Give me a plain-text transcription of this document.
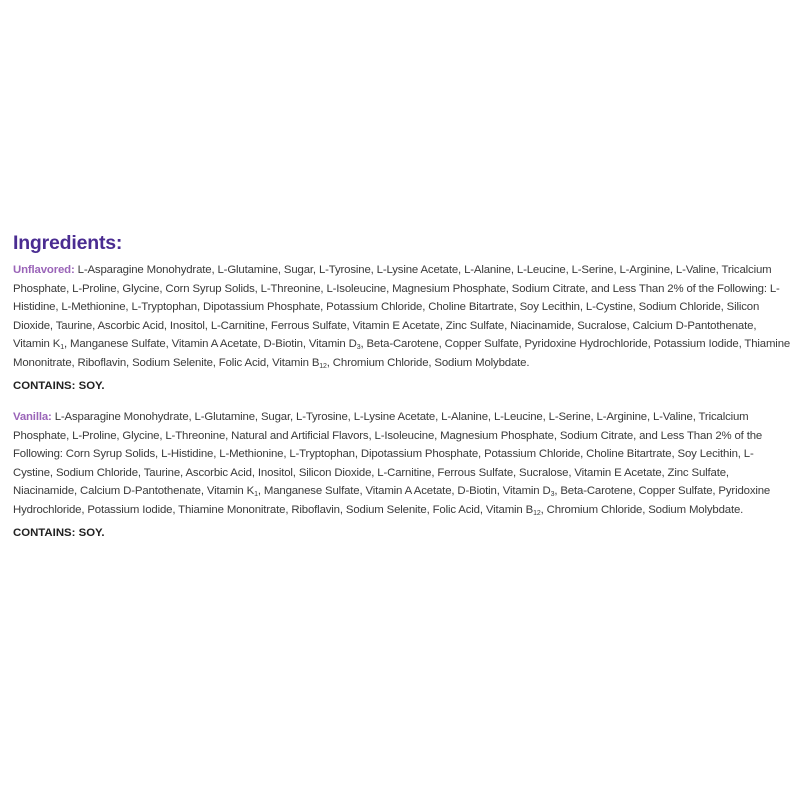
Ingredients:

Unflavored: L-Asparagine Monohydrate, L-Glutamine, Sugar, L-Tyrosine, L-Lysine Acetate, L-Alanine, L-Leucine, L-Serine, L-Arginine, L-Valine, Tricalcium Phosphate, L-Proline, Glycine, Corn Syrup Solids, L-Threonine, L-Isoleucine, Magnesium Phosphate, Sodium Citrate, and Less Than 2% of the Following: L-Histidine, L-Methionine, L-Tryptophan, Dipotassium Phosphate, Potassium Chloride, Choline Bitartrate, Soy Lecithin, L-Cystine, Sodium Chloride, Silicon Dioxide, Taurine, Ascorbic Acid, Inositol, L-Carnitine, Ferrous Sulfate, Vitamin E Acetate, Zinc Sulfate, Niacinamide, Sucralose, Calcium D-Pantothenate, Vitamin $K_1$, Manganese Sulfate, Vitamin A Acetate, D-Biotin, Vitamin $D_3$, Beta-Carotene, Copper Sulfate, Pyridoxine Hydrochloride, Potassium Iodide, Thiamine Mononitrate, Riboflavin, Sodium Selenite, Folic Acid, Vitamin $B_{12}$, Chromium Chloride, Sodium Molybdate.

CONTAINS: SOY.

Vanilla: L-Asparagine Monohydrate, L-Glutamine, Sugar, L-Tyrosine, L-Lysine Acetate, L-Alanine, L-Leucine, L-Serine, L-Arginine, L-Valine, Tricalcium Phosphate, L-Proline, Glycine, L-Threonine, Natural and Artificial Flavors, L-Isoleucine, Magnesium Phosphate, Sodium Citrate, and Less Than 2% of the Following: Corn Syrup Solids, L-Histidine, L-Methionine, L-Tryptophan, Dipotassium Phosphate, Potassium Chloride, Choline Bitartrate, Soy Lecithin, L-Cystine, Sodium Chloride, Taurine, Ascorbic Acid, Inositol, Silicon Dioxide, L-Carnitine, Ferrous Sulfate, Sucralose, Vitamin E Acetate, Zinc Sulfate, Niacinamide, Calcium D-Pantothenate, Vitamin $K_1$, Manganese Sulfate, Vitamin A Acetate, D-Biotin, Vitamin $D_3$, Beta-Carotene, Copper Sulfate, Pyridoxine Hydrochloride, Potassium Iodide, Thiamine Mononitrate, Riboflavin, Sodium Selenite, Folic Acid, Vitamin $B_{12}$, Chromium Chloride, Sodium Molybdate.

CONTAINS: SOY.
